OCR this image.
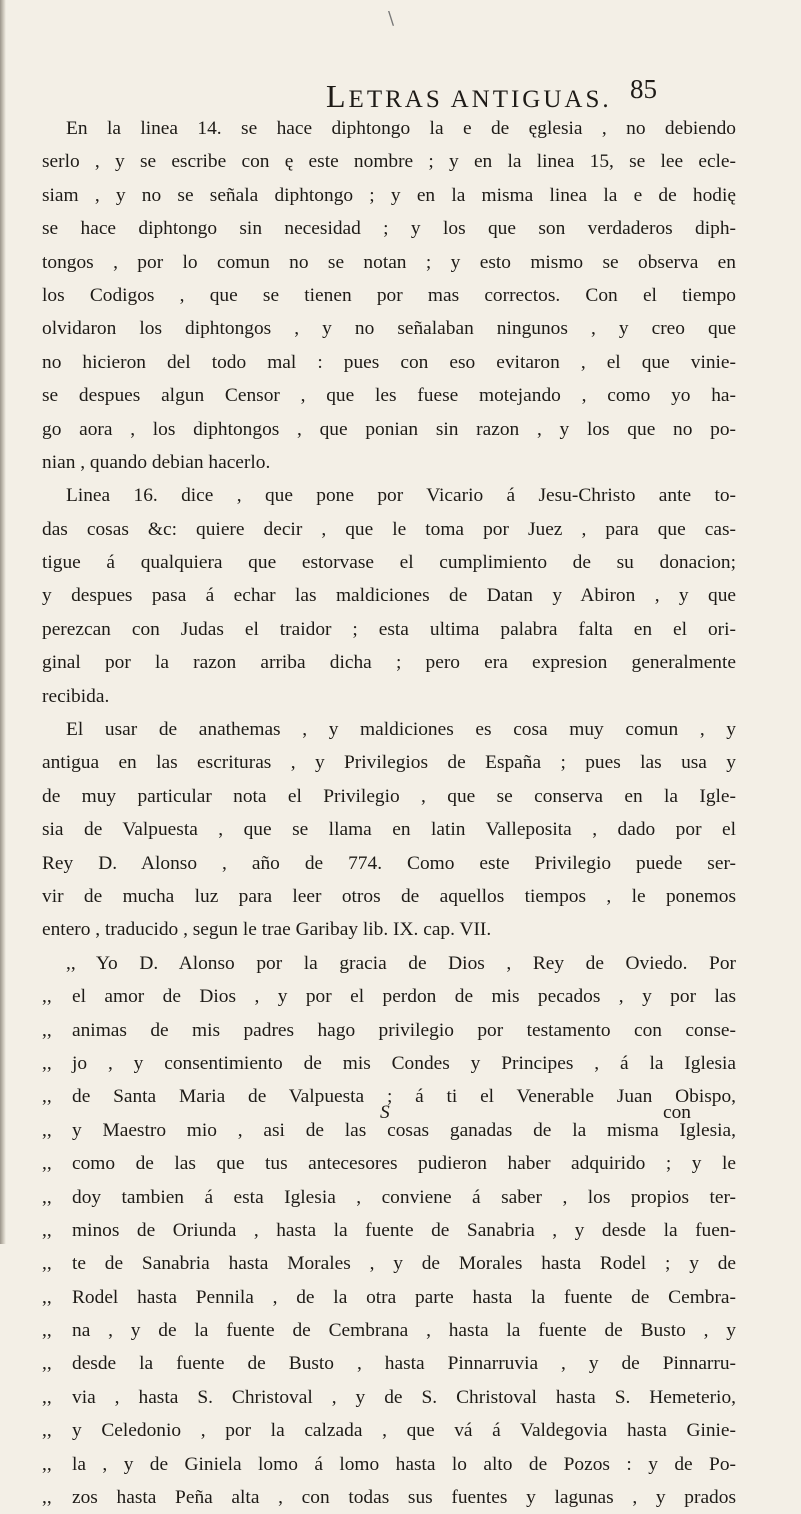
\
LETRAS ANTIGUAS. 85
En la linea 14. se hace diphtongo la e de ęglesia , no debiendo
serlo , y se escribe con ę este nombre ; y en la linea 15, se lee ecle-
siam , y no se señala diphtongo ; y en la misma linea la e de hodię
se hace diphtongo sin necesidad ; y los que son verdaderos diph-
tongos , por lo comun no se notan ; y esto mismo se observa en
los Codigos , que se tienen por mas correctos. Con el tiempo
olvidaron los diphtongos , y no señalaban ningunos , y creo que
no hicieron del todo mal : pues con eso evitaron , el que vinie-
se despues algun Censor , que les fuese motejando , como yo ha-
go aora , los diphtongos , que ponian sin razon , y los que no po-
nian , quando debian hacerlo.
Linea 16. dice , que pone por Vicario á Jesu-Christo ante to-
das cosas &c: quiere decir , que le toma por Juez , para que cas-
tigue á qualquiera que estorvase el cumplimiento de su donacion;
y despues pasa á echar las maldiciones de Datan y Abiron , y que
perezcan con Judas el traidor ; esta ultima palabra falta en el ori-
ginal por la razon arriba dicha ; pero era expresion generalmente
recibida.
El usar de anathemas , y maldiciones es cosa muy comun , y
antigua en las escrituras , y Privilegios de España ; pues las usa y
de muy particular nota el Privilegio , que se conserva en la Igle-
sia de Valpuesta , que se llama en latin Valleposita , dado por el
Rey D. Alonso , año de 774. Como este Privilegio puede ser-
vir de mucha luz para leer otros de aquellos tiempos , le ponemos
entero , traducido , segun le trae Garibay lib. IX. cap. VII.
,, Yo D. Alonso por la gracia de Dios , Rey de Oviedo. Por
,, el amor de Dios , y por el perdon de mis pecados , y por las
,, animas de mis padres hago privilegio por testamento con conse-
,, jo , y consentimiento de mis Condes y Principes , á la Iglesia
,, de Santa Maria de Valpuesta ; á ti el Venerable Juan Obispo,
,, y Maestro mio , asi de las cosas ganadas de la misma Iglesia,
,, como de las que tus antecesores pudieron haber adquirido ; y le
,, doy tambien á esta Iglesia , conviene á saber , los propios ter-
,, minos de Oriunda , hasta la fuente de Sanabria , y desde la fuen-
,, te de Sanabria hasta Morales , y de Morales hasta Rodel ; y de
,, Rodel hasta Pennila , de la otra parte hasta la fuente de Cembra-
,, na , y de la fuente de Cembrana , hasta la fuente de Busto , y
,, desde la fuente de Busto , hasta Pinnarruvia , y de Pinnarru-
,, via , hasta S. Christoval , y de S. Christoval hasta S. Hemeterio,
,, y Celedonio , por la calzada , que vá á Valdegovia hasta Ginie-
,, la , y de Giniela lomo á lomo hasta lo alto de Pozos : y de Po-
,, zos hasta Peña alta , con todas sus fuentes y lagunas , y prados
S	con
